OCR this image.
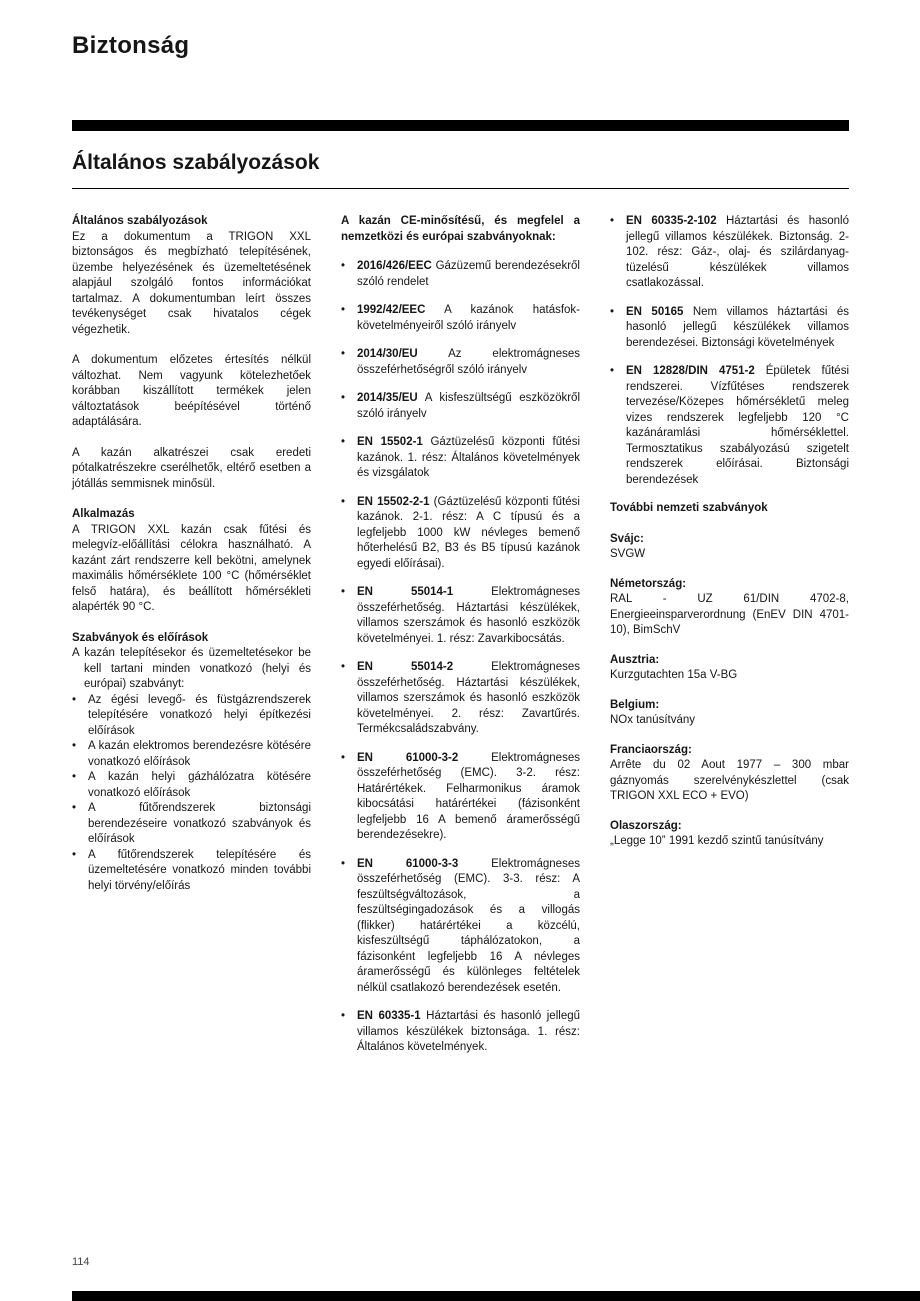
Biztonság
Általános szabályozások

Általános szabályozások

Ez a dokumentum a TRIGON XXL biztonságos és megbízható telepítésének, üzembe helyezésének és üzemeltetésének alapjául szolgáló fontos információkat tartalmaz. A dokumentumban leírt összes tevékenységet csak hivatalos cégek végezhetik.

A dokumentum előzetes értesítés nélkül változhat. Nem vagyunk kötelezhetőek korábban kiszállított termékek jelen változtatások beépítésével történő adaptálására.

A kazán alkatrészei csak eredeti pótalkatrészekre cserélhetők, eltérő esetben a jótállás semmisnek minősül.

Alkalmazás

A TRIGON XXL kazán csak fűtési és melegvíz-előállítási célokra használható. A kazánt zárt rendszerre kell bekötni, amelynek maximális hőmérséklete 100 °C (hőmérséklet felső határa), és beállított hőmérsékleti alapérték 90 °C.

Szabványok és előírások

A kazán telepítésekor és üzemeltetésekor be kell tartani minden vonatkozó (helyi és európai) szabványt:

•	Az égési levegő- és füstgázrendszerek telepítésére vonatkozó helyi építkezési előírások
•	A kazán elektromos berendezésre kötésére vonatkozó előírások
•	A kazán helyi gázhálózatra kötésére vonatkozó előírások
•	A fűtőrendszerek biztonsági berendezéseire vonatkozó szabványok és előírások
•	A fűtőrendszerek telepítésére és üzemeltetésére vonatkozó minden további helyi törvény/előírás

A kazán CE-minősítésű, és megfelel a nemzetközi és európai szabványoknak:

•	2016/426/EEC Gázüzemű berendezésekről szóló rendelet
•	1992/42/EEC A kazánok hatásfok-követelményeiről szóló irányelv
•	2014/30/EU	Az elektromágneses összeférhetőségről szóló irányelv
•	2014/35/EU A kisfeszültségű eszközökről szóló irányelv
•	EN 15502-1 Gáztüzelésű központi fűtési kazánok. 1. rész: Általános követelmények és vizsgálatok
•	EN 15502-2-1 (Gáztüzelésű központi fűtési kazánok. 2-1. rész: A C típusú és a legfeljebb 1000 kW névleges bemenő hőterhelésű B2, B3 és B5 típusú kazánok egyedi előírásai).
•	EN 55014-1	Elektromágneses összeférhetőség. Háztartási készülékek, villamos szerszámok és hasonló eszközök követelményei. 1. rész: Zavarkibocsátás.
•	EN 55014-2	Elektromágneses összeférhetőség. Háztartási készülékek, villamos szerszámok és hasonló eszközök követelményei. 2. rész: Zavartűrés. Termékcsaládszabvány.
•	EN 61000-3-2	Elektromágneses összeférhetőség (EMC). 3-2. rész: Határértékek. Felharmonikus áramok kibocsátási határértékei (fázisonként legfeljebb 16 A bemenő áramerősségű berendezésekre).
•	EN 61000-3-3	Elektromágneses összeférhetőség (EMC). 3-3. rész: A feszültségváltozások, a feszültségingadozások és a villogás (flikker) határértékei a közcélú, kisfeszültségű táphálózatokon, a fázisonként legfeljebb 16 A névleges áramerősségű és különleges feltételek nélkül csatlakozó berendezések esetén.
•	EN 60335-1 Háztartási és hasonló jellegű villamos készülékek biztonsága. 1. rész: Általános követelmények.
•	EN 60335-2-102 Háztartási és hasonló jellegű villamos készülékek. Biztonság. 2-102. rész: Gáz-, olaj- és szilárdanyag-tüzelésű készülékek villamos csatlakozással.
•	EN 50165 Nem villamos háztartási és hasonló jellegű készülékek villamos berendezései. Biztonsági követelmények
•	EN 12828/DIN 4751-2 Épületek fűtési rendszerei. Vízfűtéses rendszerek tervezése/Közepes hőmérsékletű meleg vizes rendszerek legfeljebb 120 °C kazánáramlási hőmérséklettel. Termosztatikus szabályozású szigetelt rendszerek előírásai. Biztonsági berendezések

További nemzeti szabványok

Svájc:
SVGW
Németország:
RAL - UZ 61/DIN 4702-8, Energieeinsparverordnung (EnEV DIN 4701-10), BimSchV
Ausztria:
Kurzgutachten 15a V-BG
Belgium:
NOx tanúsítvány
Franciaország:
Arrête du 02 Aout 1977 – 300 mbar gáznyomás szerelvénykészlettel (csak TRIGON XXL ECO + EVO)
Olaszország:
„Legge 10” 1991 kezdő szintű tanúsítvány
114
